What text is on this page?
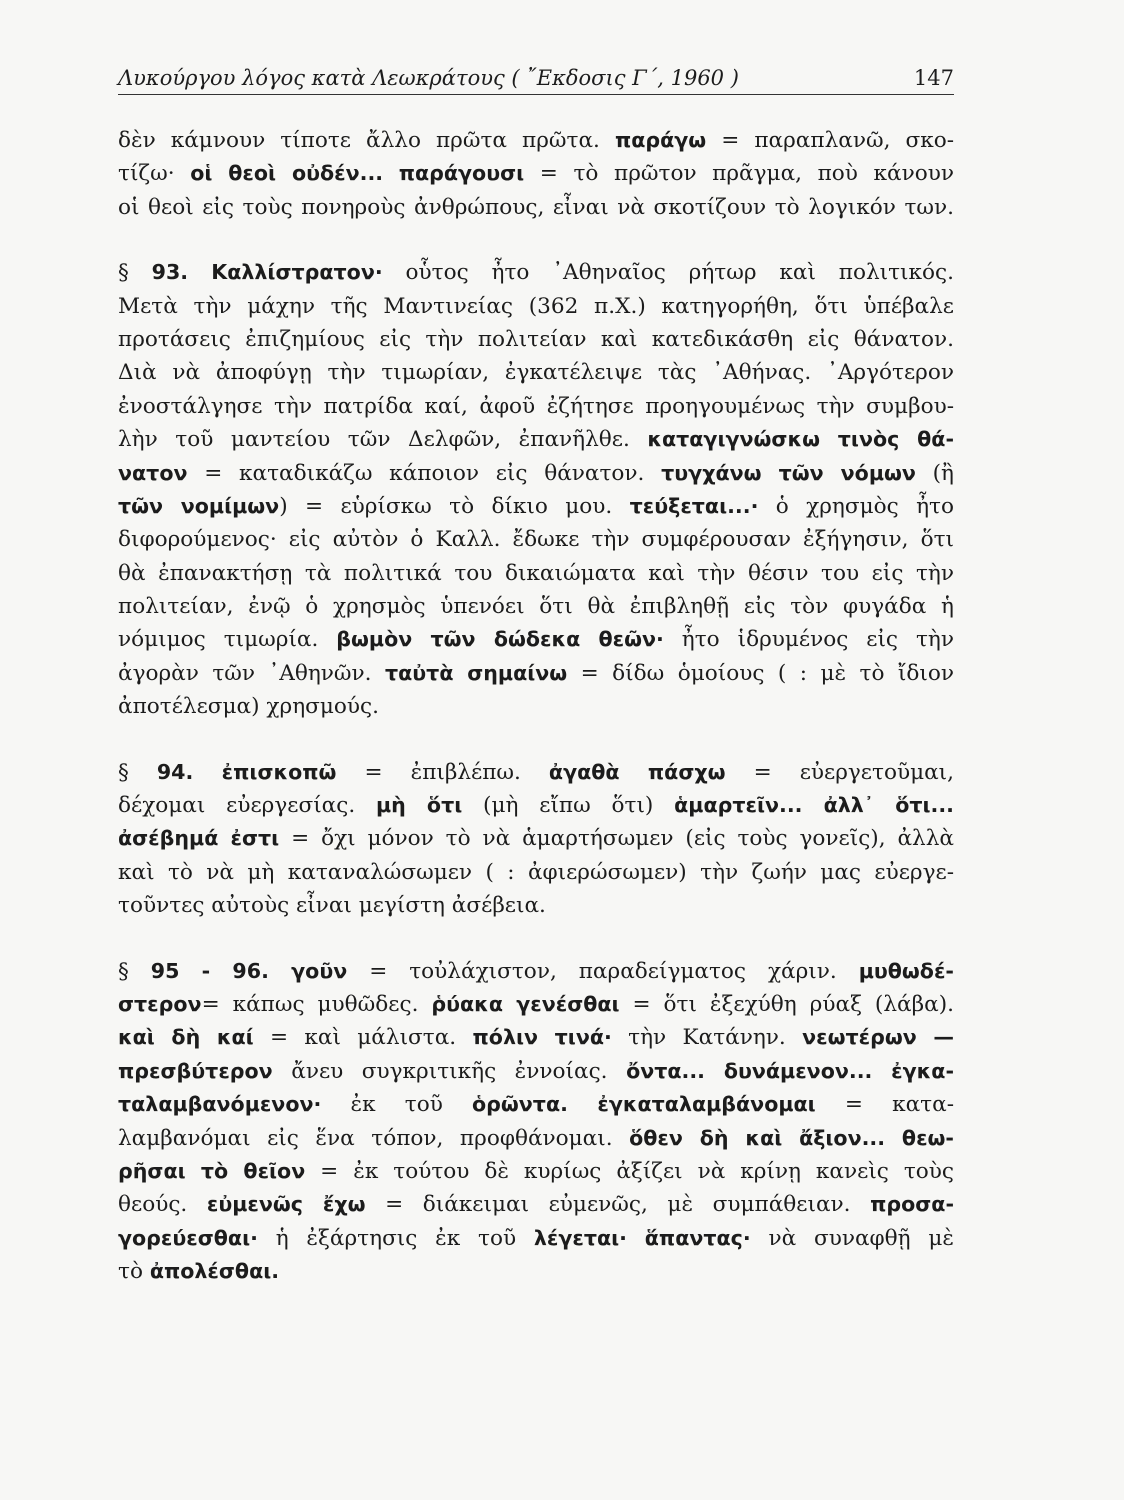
Λυκούργου λόγος κατὰ Λεωκράτους ( ῎Εκδοσις Γ΄, 1960 )	147
δὲν κάμνουν τίποτε ἄλλο πρῶτα πρῶτα. παράγω = παραπλανῶ, σκο-
τίζω· οἱ θεοὶ οὐδέν... παράγουσι = τὸ πρῶτον πρᾶγμα, ποὺ κάνουν
οἱ θεοὶ εἰς τοὺς πονηροὺς ἀνθρώπους, εἶναι νὰ σκοτίζουν τὸ λογικόν των.
§ 93. Καλλίστρατον· οὗτος ἦτο ᾿Αθηναῖος ρήτωρ καὶ πολιτικός.
Μετὰ τὴν μάχην τῆς Μαντινείας (362 π.Χ.) κατηγορήθη, ὅτι ὑπέβαλε
προτάσεις ἐπιζημίους εἰς τὴν πολιτείαν καὶ κατεδικάσθη εἰς θάνατον.
Διὰ νὰ ἀποφύγῃ τὴν τιμωρίαν, ἐγκατέλειψε τὰς ᾿Αθήνας. ᾿Αργότερον
ἐνοστάλγησε τὴν πατρίδα καί, ἀφοῦ ἐζήτησε προηγουμένως τὴν συμβου-
λὴν τοῦ μαντείου τῶν Δελφῶν, ἐπανῆλθε. καταγιγνώσκω τινὸς θά-
νατον = καταδικάζω κάποιον εἰς θάνατον. τυγχάνω τῶν νόμων (ἢ
τῶν νομίμων) = εὑρίσκω τὸ δίκιο μου. τεύξεται...· ὁ χρησμὸς ἦτο
διφορούμενος· εἰς αὐτὸν ὁ Καλλ. ἔδωκε τὴν συμφέρουσαν ἐξήγησιν, ὅτι
θὰ ἐπανακτήσῃ τὰ πολιτικά του δικαιώματα καὶ τὴν θέσιν του εἰς τὴν
πολιτείαν, ἐνῷ ὁ χρησμὸς ὑπενόει ὅτι θὰ ἐπιβληθῇ εἰς τὸν φυγάδα ἡ
νόμιμος τιμωρία. βωμὸν τῶν δώδεκα θεῶν· ἦτο ἱδρυμένος εἰς τὴν
ἀγορὰν τῶν ᾿Αθηνῶν. ταὐτὰ σημαίνω = δίδω ὁμοίους ( : μὲ τὸ ἴδιον
ἀποτέλεσμα) χρησμούς.
§ 94. ἐπισκοπῶ = ἐπιβλέπω. ἀγαθὰ πάσχω = εὐεργετοῦμαι,
δέχομαι εὐεργεσίας. μὴ ὅτι (μὴ εἴπω ὅτι) ἁμαρτεῖν... ἀλλ᾿ ὅτι...
ἀσέβημά ἐστι = ὄχι μόνον τὸ νὰ ἁμαρτήσωμεν (εἰς τοὺς γονεῖς), ἀλλὰ
καὶ τὸ νὰ μὴ καταναλώσωμεν ( : ἀφιερώσωμεν) τὴν ζωήν μας εὐεργε-
τοῦντες αὐτοὺς εἶναι μεγίστη ἀσέβεια.
§ 95 - 96. γοῦν = τοὐλάχιστον, παραδείγματος χάριν. μυθωδέ-
στερον= κάπως μυθῶδες. ῥύακα γενέσθαι = ὅτι ἐξεχύθη ρύαξ (λάβα).
καὶ δὴ καί = καὶ μάλιστα. πόλιν τινά· τὴν Κατάνην. νεωτέρων —
πρεσβύτερον ἄνευ συγκριτικῆς ἐννοίας. ὄντα... δυνάμενον... ἐγκα-
ταλαμβανόμενον· ἐκ τοῦ ὁρῶντα. ἐγκαταλαμβάνομαι = κατα-
λαμβανόμαι εἰς ἕνα τόπον, προφθάνομαι. ὅθεν δὴ καὶ ἄξιον... θεω-
ρῆσαι τὸ θεῖον = ἐκ τούτου δὲ κυρίως ἀξίζει νὰ κρίνῃ κανεὶς τοὺς
θεούς. εὐμενῶς ἔχω = διάκειμαι εὐμενῶς, μὲ συμπάθειαν. προσα-
γορεύεσθαι· ἡ ἐξάρτησις ἐκ τοῦ λέγεται· ἅπαντας· νὰ συναφθῇ μὲ
τὸ ἀπολέσθαι.
